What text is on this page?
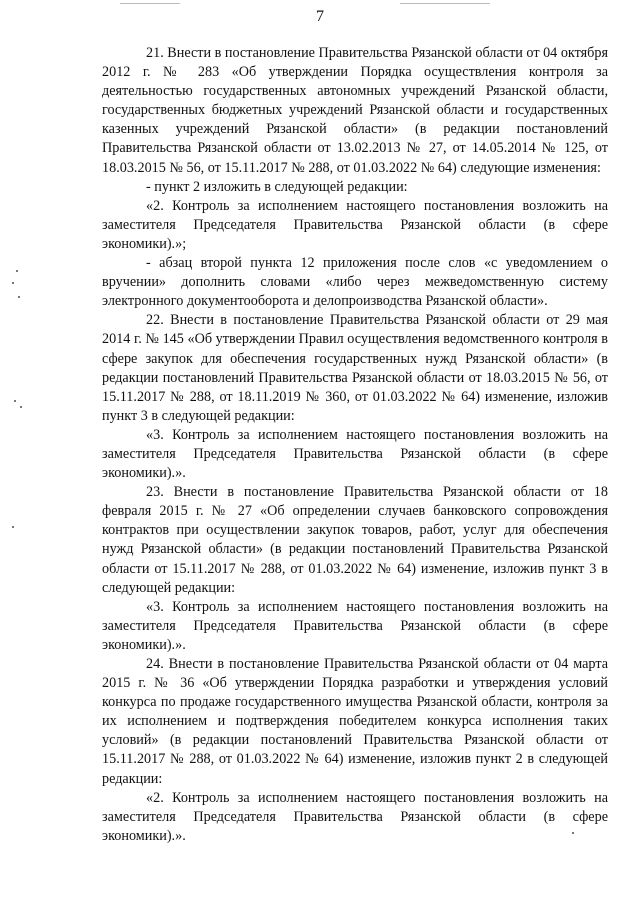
7

21. Внести в постановление Правительства Рязанской области от 04 октября 2012 г. № 283 «Об утверждении Порядка осуществления контроля за деятельностью государственных автономных учреждений Рязанской области, государственных бюджетных учреждений Рязанской области и государственных казенных учреждений Рязанской области» (в редакции постановлений Правительства Рязанской области от 13.02.2013 № 27, от 14.05.2014 № 125, от 18.03.2015 № 56, от 15.11.2017 № 288, от 01.03.2022 № 64) следующие изменения:

- пункт 2 изложить в следующей редакции:

«2. Контроль за исполнением настоящего постановления возложить на заместителя Председателя Правительства Рязанской области (в сфере экономики).»;

- абзац второй пункта 12 приложения после слов «с уведомлением о вручении» дополнить словами «либо через межведомственную систему электронного документооборота и делопроизводства Рязанской области».

22. Внести в постановление Правительства Рязанской области от 29 мая 2014 г. № 145 «Об утверждении Правил осуществления ведомственного контроля в сфере закупок для обеспечения государственных нужд Рязанской области» (в редакции постановлений Правительства Рязанской области от 18.03.2015 № 56, от 15.11.2017 № 288, от 18.11.2019 № 360, от 01.03.2022 № 64) изменение, изложив пункт 3 в следующей редакции:

«3. Контроль за исполнением настоящего постановления возложить на заместителя Председателя Правительства Рязанской области (в сфере экономики).».

23. Внести в постановление Правительства Рязанской области от 18 февраля 2015 г. № 27 «Об определении случаев банковского сопровождения контрактов при осуществлении закупок товаров, работ, услуг для обеспечения нужд Рязанской области» (в редакции постановлений Правительства Рязанской области от 15.11.2017 № 288, от 01.03.2022 № 64) изменение, изложив пункт 3 в следующей редакции:

«3. Контроль за исполнением настоящего постановления возложить на заместителя Председателя Правительства Рязанской области (в сфере экономики).».

24. Внести в постановление Правительства Рязанской области от 04 марта 2015 г. № 36 «Об утверждении Порядка разработки и утверждения условий конкурса по продаже государственного имущества Рязанской области, контроля за их исполнением и подтверждения победителем конкурса исполнения таких условий» (в редакции постановлений Правительства Рязанской области от 15.11.2017 № 288, от 01.03.2022 № 64) изменение, изложив пункт 2 в следующей редакции:

«2. Контроль за исполнением настоящего постановления возложить на заместителя Председателя Правительства Рязанской области (в сфере экономики).».
